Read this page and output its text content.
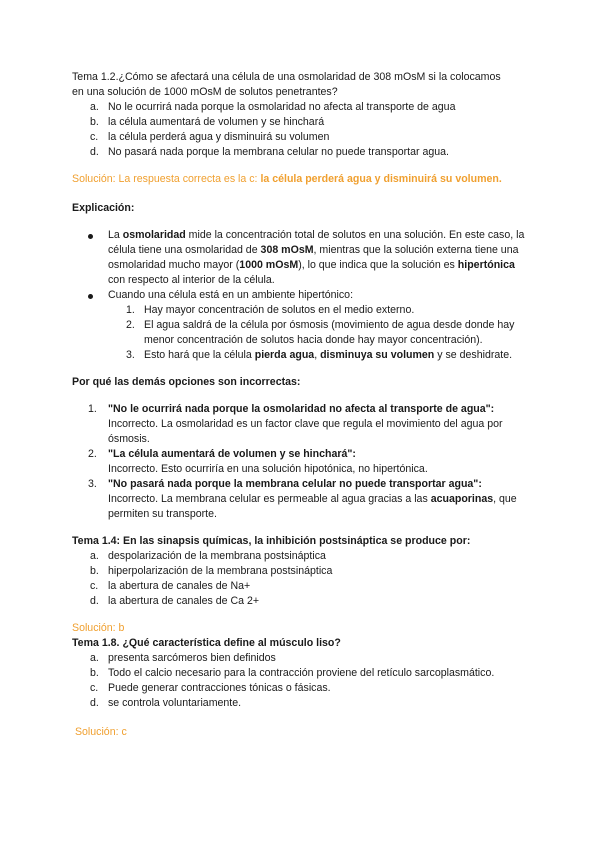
Tema 1.2.¿Cómo se afectará una célula de una osmolaridad de 308 mOsM si la colocamos
en una solución de 1000 mOsM de solutos penetrantes?

a. No le ocurrirá nada porque la osmolaridad no afecta al transporte de agua
b. la célula aumentará de volumen y se hinchará
c. la célula perderá agua y disminuirá su volumen
d. No pasará nada porque la membrana celular no puede transportar agua.

Solución: La respuesta correcta es la c: la célula perderá agua y disminuirá su volumen.

Explicación:

La osmolaridad mide la concentración total de solutos en una solución. En este caso, la célula tiene una osmolaridad de 308 mOsM, mientras que la solución externa tiene una osmolaridad mucho mayor (1000 mOsM), lo que indica que la solución es hipertónica con respecto al interior de la célula.
Cuando una célula está en un ambiente hipertónico:
1. Hay mayor concentración de solutos en el medio externo.
2. El agua saldrá de la célula por ósmosis (movimiento de agua desde donde hay menor concentración de solutos hacia donde hay mayor concentración).
3. Esto hará que la célula pierda agua, disminuya su volumen y se deshidrate.

Por qué las demás opciones son incorrectas:

1. "No le ocurrirá nada porque la osmolaridad no afecta al transporte de agua":
Incorrecto. La osmolaridad es un factor clave que regula el movimiento del agua por ósmosis.
2. "La célula aumentará de volumen y se hinchará":
Incorrecto. Esto ocurriría en una solución hipotónica, no hipertónica.
3. "No pasará nada porque la membrana celular no puede transportar agua":
Incorrecto. La membrana celular es permeable al agua gracias a las acuaporinas, que permiten su transporte.

Tema 1.4: En las sinapsis químicas, la inhibición postsináptica se produce por:

a. despolarización de la membrana postsináptica
b. hiperpolarización de la membrana postsináptica
c. la abertura de canales de Na+
d. la abertura de canales de Ca 2+

Solución: b

Tema 1.8. ¿Qué característica define al músculo liso?

a. presenta sarcómeros bien definidos
b. Todo el calcio necesario para la contracción proviene del retículo sarcoplasmático.
c. Puede generar contracciones tónicas o fásicas.
d. se controla voluntariamente.

Solución: c
